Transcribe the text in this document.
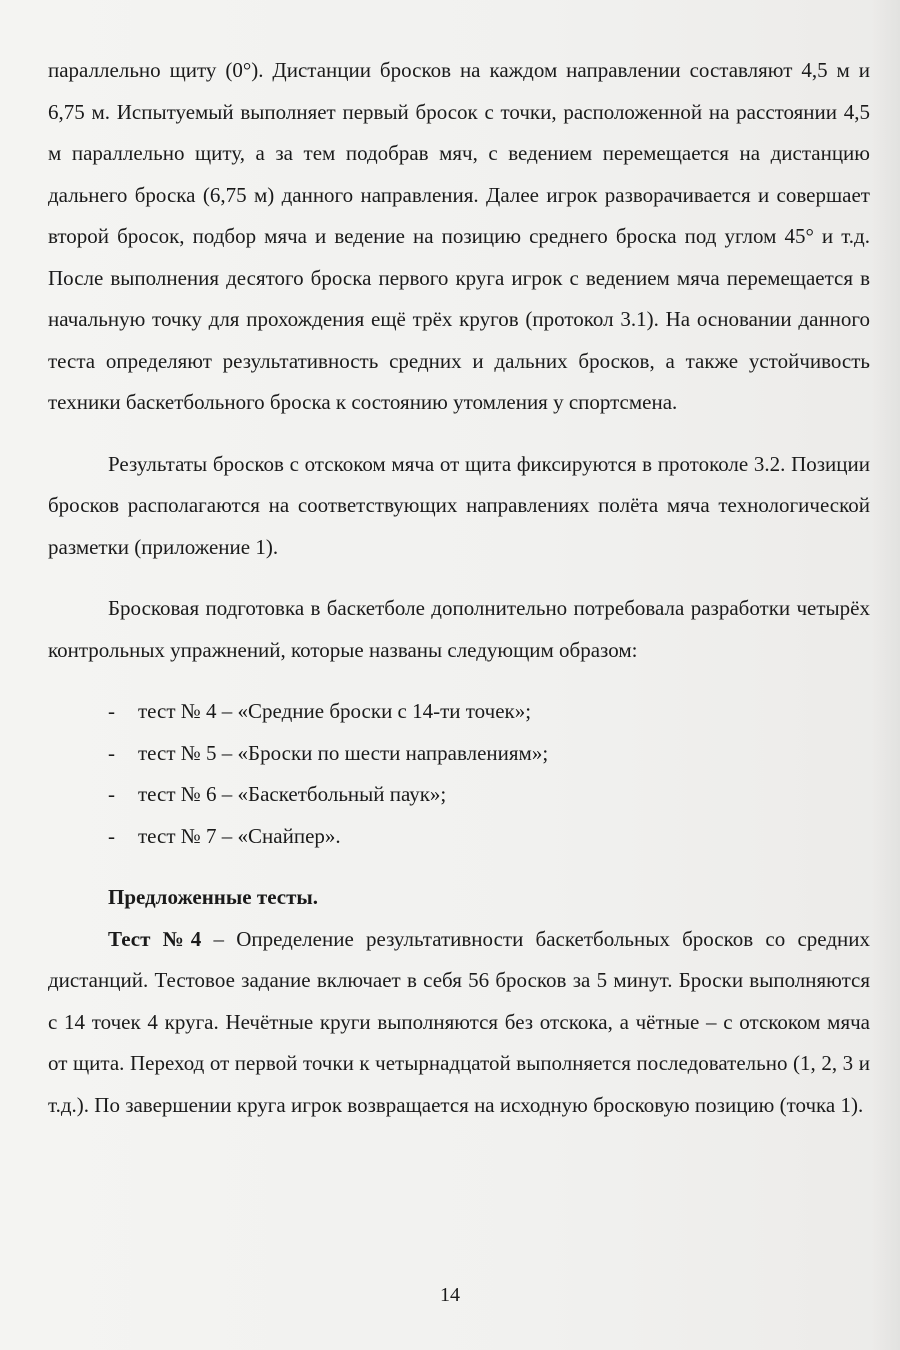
параллельно щиту (0°). Дистанции бросков на каждом направлении составляют 4,5 м и 6,75 м. Испытуемый выполняет первый бросок с точки, расположенной на расстоянии 4,5 м параллельно щиту, а за тем подобрав мяч, с ведением перемещается на дистанцию дальнего броска (6,75 м) данного направления. Далее игрок разворачивается и совершает второй бросок, подбор мяча и ведение на позицию среднего броска под углом 45° и т.д. После выполнения десятого броска первого круга игрок с ведением мяча перемещается в начальную точку для прохождения ещё трёх кругов (протокол 3.1). На основании данного теста определяют результативность средних и дальних бросков, а также устойчивость техники баскетбольного броска к состоянию утомления у спортсмена.

Результаты бросков с отскоком мяча от щита фиксируются в протоколе 3.2. Позиции бросков располагаются на соответствующих направлениях полёта мяча технологической разметки (приложение 1).

Бросковая подготовка в баскетболе дополнительно потребовала разработки четырёх контрольных упражнений, которые названы следующим образом:

- тест № 4 – «Средние броски с 14-ти точек»;
- тест № 5 – «Броски по шести направлениям»;
- тест № 6 – «Баскетбольный паук»;
- тест № 7 – «Снайпер».

Предложенные тесты.

Тест №4 – Определение результативности баскетбольных бросков со средних дистанций. Тестовое задание включает в себя 56 бросков за 5 минут. Броски выполняются с 14 точек 4 круга. Нечётные круги выполняются без отскока, а чётные – с отскоком мяча от щита. Переход от первой точки к четырнадцатой выполняется последовательно (1, 2, 3 и т.д.). По завершении круга игрок возвращается на исходную бросковую позицию (точка 1).

14
